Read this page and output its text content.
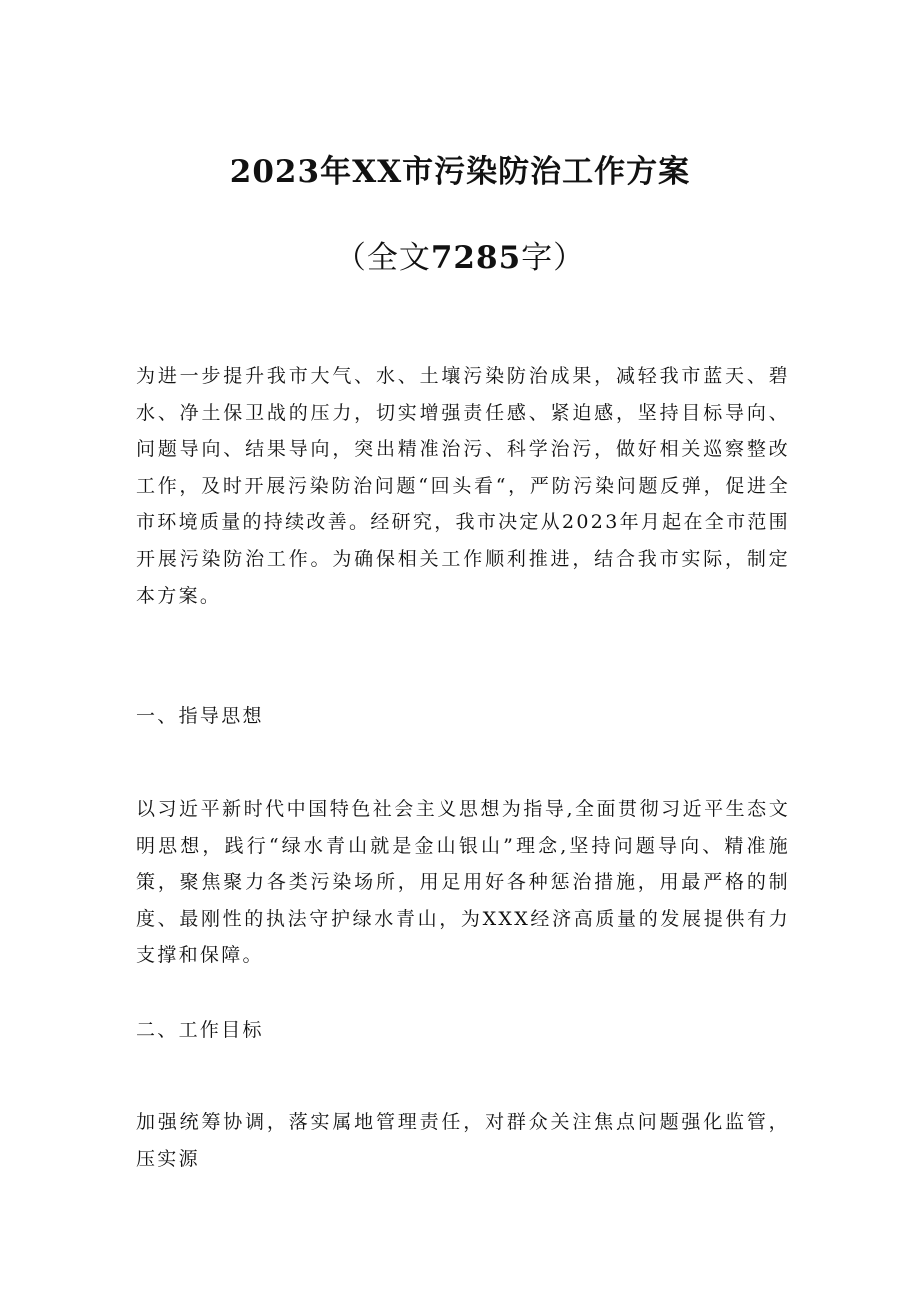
2023年XX市污染防治工作方案
（全文7285字）
为进一步提升我市大气、水、土壤污染防治成果，减轻我市蓝天、碧水、净土保卫战的压力，切实增强责任感、紧迫感，坚持目标导向、问题导向、结果导向，突出精准治污、科学治污，做好相关巡察整改工作，及时开展污染防治问题“回头看“，严防污染问题反弹，促进全市环境质量的持续改善。经研究，我市决定从2023年月起在全市范围开展污染防治工作。为确保相关工作顺利推进，结合我市实际，制定本方案。
一、指导思想
以习近平新时代中国特色社会主义思想为指导,全面贯彻习近平生态文明思想，践行“绿水青山就是金山银山”理念,坚持问题导向、精准施策，聚焦聚力各类污染场所，用足用好各种惩治措施，用最严格的制度、最刚性的执法守护绿水青山，为XXX经济高质量的发展提供有力支撑和保障。
二、工作目标
加强统筹协调，落实属地管理责任，对群众关注焦点问题强化监管，压实源
